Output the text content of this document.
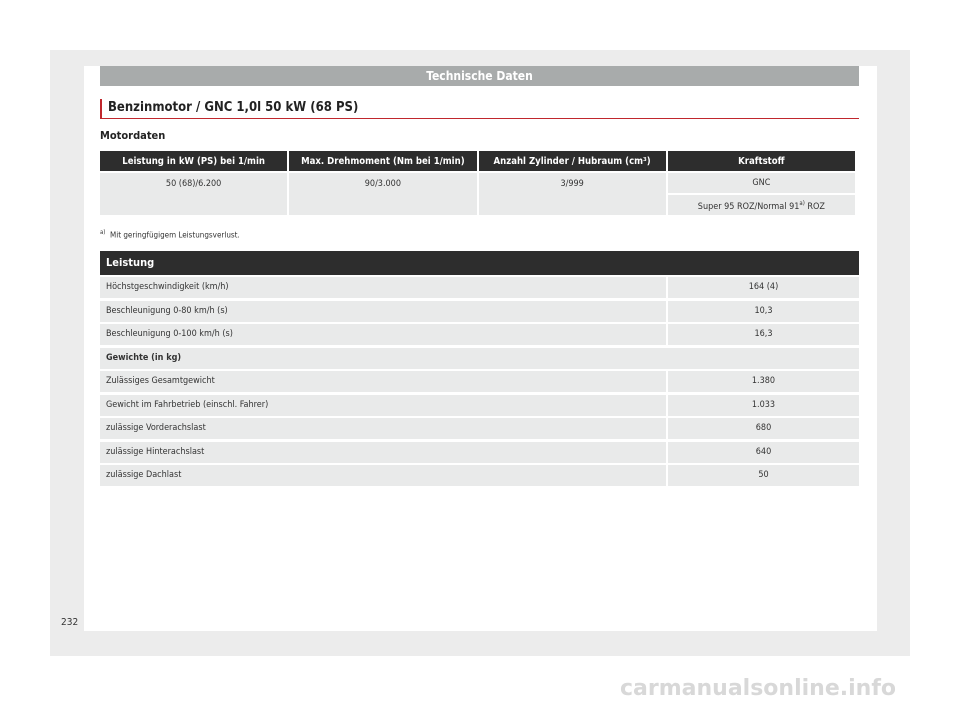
Technische Daten
Benzinmotor / GNC 1,0l 50 kW (68 PS)
Motordaten
Leistung in kW (PS) bei 1/min	Max. Drehmoment (Nm bei 1/min)	Anzahl Zylinder / Hubraum (cm³)	Kraftstoff
50 (68)/6.200	90/3.000	3/999	GNC
			Super 95 ROZ/Normal 91$^{a)}$ ROZ
$^{a)}$ Mit geringfügigem Leistungsverlust.
Leistung
Höchstgeschwindigkeit (km/h)	164 (4)
Beschleunigung 0-80 km/h (s)	10,3
Beschleunigung 0-100 km/h (s)	16,3
Gewichte (in kg)
Zulässiges Gesamtgewicht	1.380
Gewicht im Fahrbetrieb (einschl. Fahrer)	1.033
zulässige Vorderachslast	680
zulässige Hinterachslast	640
zulässige Dachlast	50
232
carmanualsonline.info
